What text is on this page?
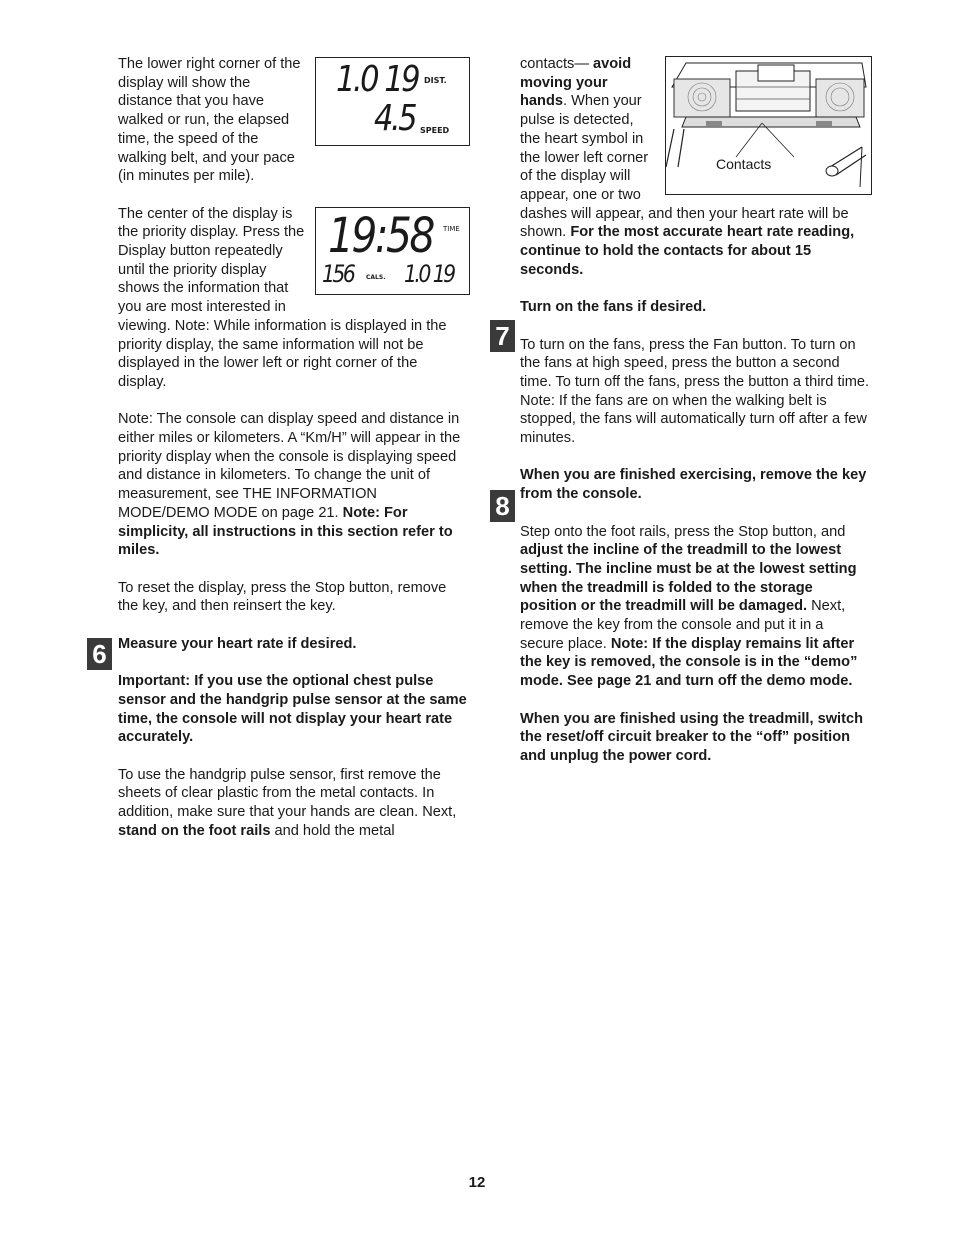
1.0 19 DIST.
4.5 SPEED

The lower right corner of the display will show the distance that you have walked or run, the elapsed time, the speed of the walking belt, and your pace (in minutes per mile).

19:58 TIME
156 CALS. 1.0 19

The center of the display is the priority display. Press the Display button repeatedly until the priority display shows the information that you are most interested in viewing. Note: While information is displayed in the priority display, the same information will not be displayed in the lower left or right corner of the display.

Note: The console can display speed and distance in either miles or kilometers. A “Km/H” will appear in the priority display when the console is displaying speed and distance in kilometers. To change the unit of measurement, see THE INFORMATION MODE/DEMO MODE on page 21. Note: For simplicity, all instructions in this section refer to miles.

To reset the display, press the Stop button, remove the key, and then reinsert the key.

Measure your heart rate if desired.

Important: If you use the optional chest pulse sensor and the handgrip pulse sensor at the same time, the console will not display your heart rate accurately.

To use the handgrip pulse sensor, first remove the sheets of clear plastic from the metal contacts. In addition, make sure that your hands are clean. Next, stand on the foot rails and hold the metal

6
Contacts

contacts— avoid moving your hands. When your pulse is detected, the heart symbol in the lower left corner of the display will appear, one or two dashes will appear, and then your heart rate will be shown. For the most accurate heart rate reading, continue to hold the contacts for about 15 seconds.

Turn on the fans if desired.

To turn on the fans, press the Fan button. To turn on the fans at high speed, press the button a second time. To turn off the fans, press the button a third time. Note: If the fans are on when the walking belt is stopped, the fans will automatically turn off after a few minutes.

When you are finished exercising, remove the key from the console.

Step onto the foot rails, press the Stop button, and adjust the incline of the treadmill to the lowest setting. The incline must be at the lowest setting when the treadmill is folded to the storage position or the treadmill will be damaged. Next, remove the key from the console and put it in a secure place. Note: If the display remains lit after the key is removed, the console is in the “demo” mode. See page 21 and turn off the demo mode.

When you are finished using the treadmill, switch the reset/off circuit breaker to the “off” position and unplug the power cord.

7
8
12
